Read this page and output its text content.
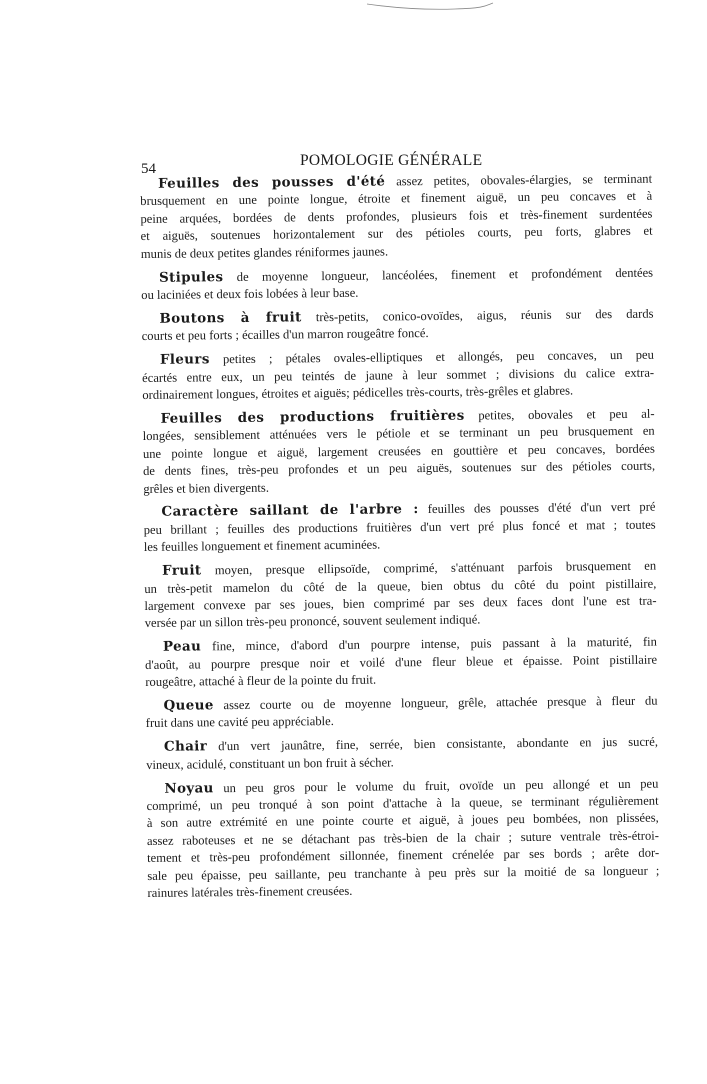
54	POMOLOGIE GÉNÉRALE
Feuilles des pousses d'été assez petites, obovales-élargies, se terminant
brusquement en une pointe longue, étroite et finement aiguë, un peu concaves et à
peine arquées, bordées de dents profondes, plusieurs fois et très-finement surdentées
et aiguës, soutenues horizontalement sur des pétioles courts, peu forts, glabres et
munis de deux petites glandes réniformes jaunes.
Stipules de moyenne longueur, lancéolées, finement et profondément dentées
ou laciniées et deux fois lobées à leur base.
Boutons à fruit très-petits, conico-ovoïdes, aigus, réunis sur des dards
courts et peu forts ; écailles d'un marron rougeâtre foncé.
Fleurs petites ; pétales ovales-elliptiques et allongés, peu concaves, un peu
écartés entre eux, un peu teintés de jaune à leur sommet ; divisions du calice extra-
ordinairement longues, étroites et aiguës; pédicelles très-courts, très-grêles et glabres.
Feuilles des productions fruitières petites, obovales et peu al-
longées, sensiblement atténuées vers le pétiole et se terminant un peu brusquement en
une pointe longue et aiguë, largement creusées en gouttière et peu concaves, bordées
de dents fines, très-peu profondes et un peu aiguës, soutenues sur des pétioles courts,
grêles et bien divergents.
Caractère saillant de l'arbre : feuilles des pousses d'été d'un vert pré
peu brillant ; feuilles des productions fruitières d'un vert pré plus foncé et mat ; toutes
les feuilles longuement et finement acuminées.
Fruit moyen, presque ellipsoïde, comprimé, s'atténuant parfois brusquement en
un très-petit mamelon du côté de la queue, bien obtus du côté du point pistillaire,
largement convexe par ses joues, bien comprimé par ses deux faces dont l'une est tra-
versée par un sillon très-peu prononcé, souvent seulement indiqué.
Peau fine, mince, d'abord d'un pourpre intense, puis passant à la maturité, fin
d'août, au pourpre presque noir et voilé d'une fleur bleue et épaisse. Point pistillaire
rougeâtre, attaché à fleur de la pointe du fruit.
Queue assez courte ou de moyenne longueur, grêle, attachée presque à fleur du
fruit dans une cavité peu appréciable.
Chair d'un vert jaunâtre, fine, serrée, bien consistante, abondante en jus sucré,
vineux, acidulé, constituant un bon fruit à sécher.
Noyau un peu gros pour le volume du fruit, ovoïde un peu allongé et un peu
comprimé, un peu tronqué à son point d'attache à la queue, se terminant régulièrement
à son autre extrémité en une pointe courte et aiguë, à joues peu bombées, non plissées,
assez raboteuses et ne se détachant pas très-bien de la chair ; suture ventrale très-étroi-
tement et très-peu profondément sillonnée, finement crénelée par ses bords ; arête dor-
sale peu épaisse, peu saillante, peu tranchante à peu près sur la moitié de sa longueur ;
rainures latérales très-finement creusées.
